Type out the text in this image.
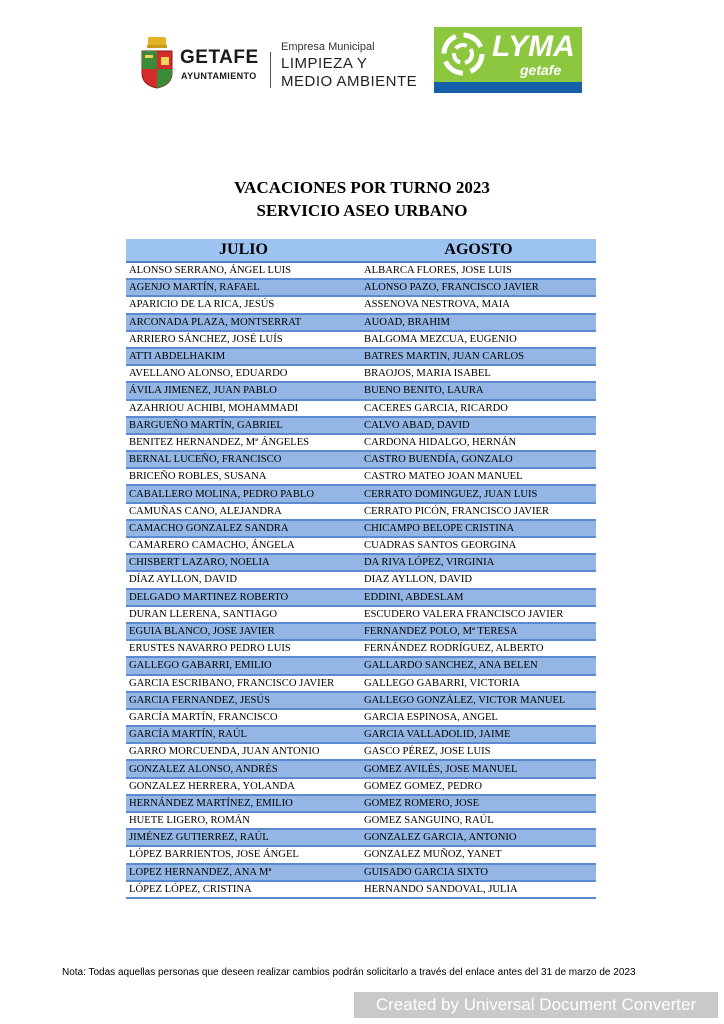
GETAFE
AYUNTAMIENTO
Empresa Municipal
LIMPIEZA Y
MEDIO AMBIENTE
LYMA
getafe
VACACIONES POR TURNO 2023
SERVICIO ASEO URBANO
JULIO	AGOSTO
ALONSO SERRANO, ÁNGEL LUIS	ALBARCA FLORES, JOSE LUIS
AGENJO MARTÍN, RAFAEL	ALONSO PAZO, FRANCISCO JAVIER
APARICIO DE LA RICA, JESÚS	ASSENOVA NESTROVA, MAIA
ARCONADA PLAZA, MONTSERRAT	AUOAD, BRAHIM
ARRIERO SÁNCHEZ, JOSÉ LUÍS	BALGOMA MEZCUA, EUGENIO
ATTI ABDELHAKIM	BATRES MARTIN, JUAN CARLOS
AVELLANO ALONSO, EDUARDO	BRAOJOS, MARIA ISABEL
ÁVILA JIMENEZ, JUAN PABLO	BUENO BENITO, LAURA
AZAHRIOU ACHIBI, MOHAMMADI	CACERES GARCIA, RICARDO
BARGUEÑO MARTÍN, GABRIEL	CALVO ABAD, DAVID
BENITEZ HERNANDEZ, Mª ÁNGELES	CARDONA HIDALGO, HERNÁN
BERNAL LUCEÑO, FRANCISCO	CASTRO BUENDÍA, GONZALO
BRICEÑO ROBLES, SUSANA	CASTRO MATEO JOAN MANUEL
CABALLERO MOLINA, PEDRO PABLO	CERRATO DOMINGUEZ, JUAN LUIS
CAMUÑAS CANO, ALEJANDRA	CERRATO PICÓN, FRANCISCO JAVIER
CAMACHO GONZALEZ SANDRA	CHICAMPO BELOPE CRISTINA
CAMARERO CAMACHO, ÁNGELA	CUADRAS SANTOS GEORGINA
CHISBERT LAZARO, NOELIA	DA RIVA LÓPEZ, VIRGINIA
DÍAZ AYLLON, DAVID	DIAZ AYLLON, DAVID
DELGADO MARTINEZ ROBERTO	EDDINI, ABDESLAM
DURAN LLERENA, SANTIAGO	ESCUDERO VALERA FRANCISCO JAVIER
EGUIA BLANCO, JOSE JAVIER	FERNANDEZ POLO, Mª TERESA
ERUSTES NAVARRO PEDRO LUIS	FERNÁNDEZ RODRÍGUEZ, ALBERTO
GALLEGO GABARRI, EMILIO	GALLARDO SANCHEZ, ANA BELEN
GARCIA ESCRIBANO, FRANCISCO JAVIER	GALLEGO GABARRI, VICTORIA
GARCIA FERNANDEZ, JESÚS	GALLEGO GONZÁLEZ, VICTOR MANUEL
GARCÍA MARTÍN, FRANCISCO	GARCIA ESPINOSA, ANGEL
GARCÍA MARTÍN, RAÚL	GARCIA VALLADOLID, JAIME
GARRO MORCUENDA, JUAN ANTONIO	GASCO PÉREZ, JOSE LUIS
GONZALEZ ALONSO, ANDRÉS	GOMEZ AVILÉS, JOSE MANUEL
GONZALEZ HERRERA, YOLANDA	GOMEZ GOMEZ, PEDRO
HERNÁNDEZ MARTÍNEZ, EMILIO	GOMEZ ROMERO, JOSE
HUETE LIGERO, ROMÁN	GOMEZ SANGUINO, RAÚL
JIMÉNEZ GUTIERREZ, RAÚL	GONZALEZ GARCIA, ANTONIO
LÓPEZ BARRIENTOS, JOSE ÁNGEL	GONZALEZ MUÑOZ, YANET
LOPEZ HERNANDEZ, ANA Mª	GUISADO GARCIA SIXTO
LÓPEZ LÓPEZ, CRISTINA	HERNANDO SANDOVAL, JULIA
Nota: Todas aquellas personas que deseen realizar cambios podrán solicitarlo a través del enlace antes del 31 de marzo de 2023
Created by Universal Document Converter
